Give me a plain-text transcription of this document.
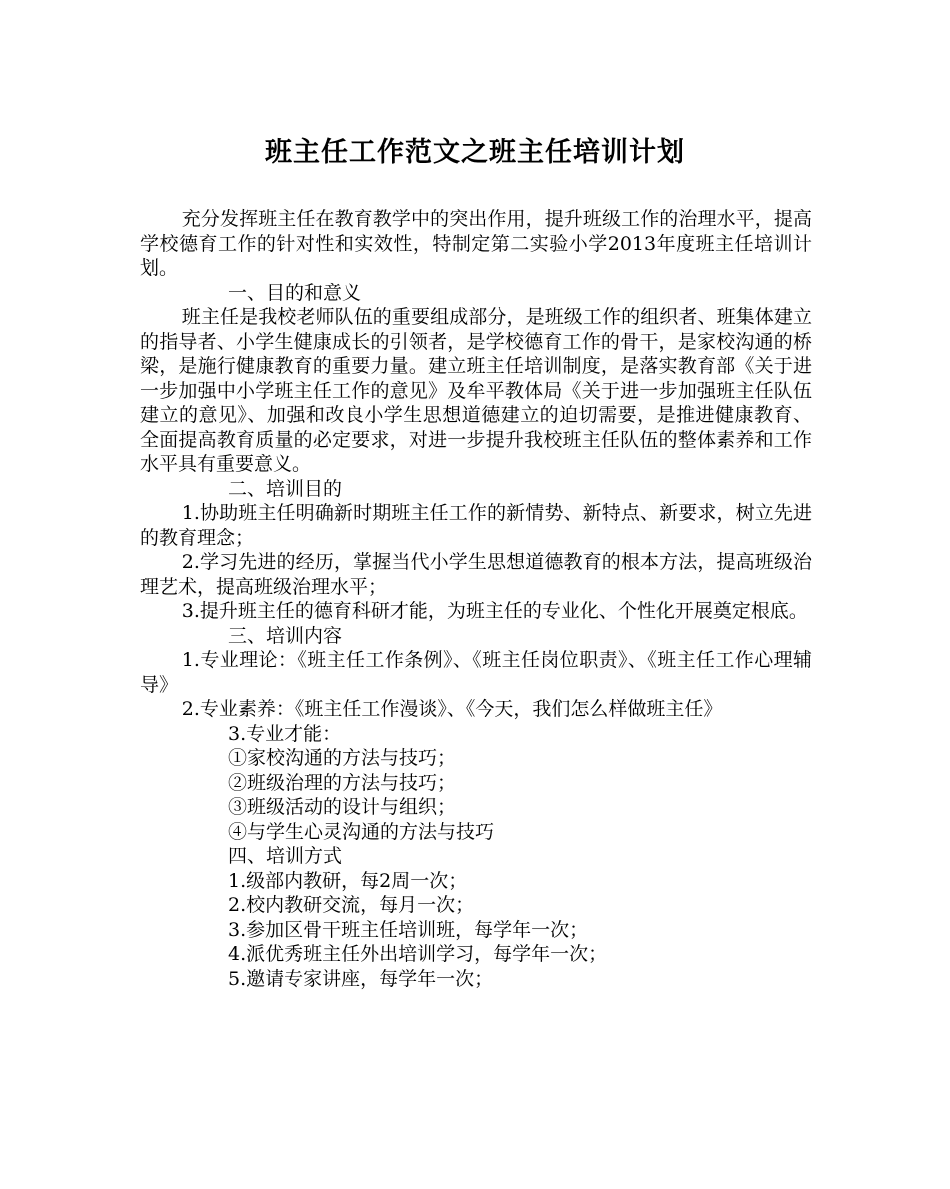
班主任工作范文之班主任培训计划

充分发挥班主任在教育教学中的突出作用，提升班级工作的治理水平，提高学校德育工作的针对性和实效性，特制定第二实验小学2013年度班主任培训计划。

一、目的和意义

班主任是我校老师队伍的重要组成部分，是班级工作的组织者、班集体建立的指导者、小学生健康成长的引领者，是学校德育工作的骨干，是家校沟通的桥梁，是施行健康教育的重要力量。建立班主任培训制度，是落实教育部《关于进一步加强中小学班主任工作的意见》及牟平教体局《关于进一步加强班主任队伍建立的意见》、加强和改良小学生思想道德建立的迫切需要，是推进健康教育、全面提高教育质量的必定要求，对进一步提升我校班主任队伍的整体素养和工作水平具有重要意义。

二、培训目的

1.协助班主任明确新时期班主任工作的新情势、新特点、新要求，树立先进的教育理念；

2.学习先进的经历，掌握当代小学生思想道德教育的根本方法，提高班级治理艺术，提高班级治理水平；

3.提升班主任的德育科研才能，为班主任的专业化、个性化开展奠定根底。

三、培训内容

1.专业理论：《班主任工作条例》、《班主任岗位职责》、《班主任工作心理辅导》

2.专业素养：《班主任工作漫谈》、《今天，我们怎么样做班主任》

3.专业才能：

①家校沟通的方法与技巧；

②班级治理的方法与技巧；

③班级活动的设计与组织；

④与学生心灵沟通的方法与技巧

四、培训方式

1.级部内教研，每2周一次；

2.校内教研交流，每月一次；

3.参加区骨干班主任培训班，每学年一次；

4.派优秀班主任外出培训学习，每学年一次；

5.邀请专家讲座，每学年一次；
